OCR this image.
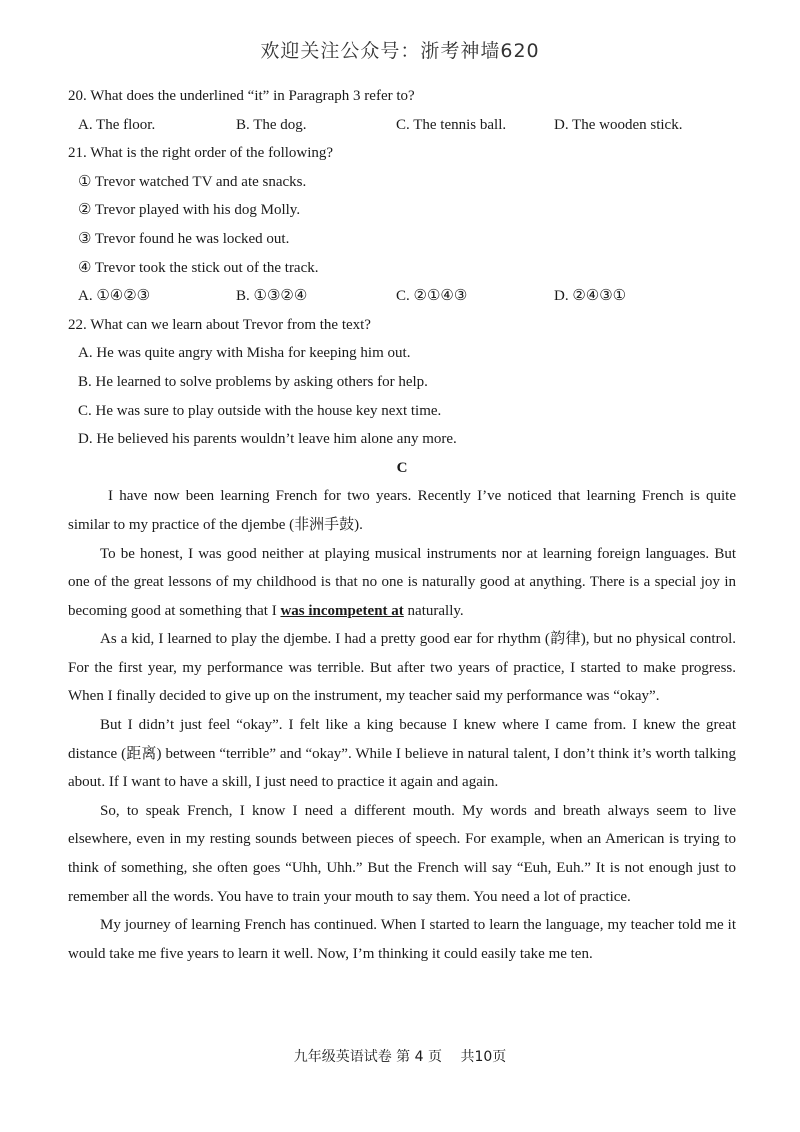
欢迎关注公众号：浙考神墙620

20. What does the underlined “it” in Paragraph 3 refer to?

A. The floor.	B. The dog.	C. The tennis ball.	D. The wooden stick.

21. What is the right order of the following?

① Trevor watched TV and ate snacks.

② Trevor played with his dog Molly.

③ Trevor found he was locked out.

④ Trevor took the stick out of the track.

A. ①④②③	B. ①③②④	C. ②①④③	D. ②④③①

22. What can we learn about Trevor from the text?

A. He was quite angry with Misha for keeping him out.

B. He learned to solve problems by asking others for help.

C. He was sure to play outside with the house key next time.

D. He believed his parents wouldn’t leave him alone any more.

C

I have now been learning French for two years. Recently I’ve noticed that learning French is quite similar to my practice of the djembe (非洲手鼓).

To be honest, I was good neither at playing musical instruments nor at learning foreign languages. But one of the great lessons of my childhood is that no one is naturally good at anything. There is a special joy in becoming good at something that I was incompetent at naturally.

As a kid, I learned to play the djembe. I had a pretty good ear for rhythm (韵律), but no physical control. For the first year, my performance was terrible. But after two years of practice, I started to make progress. When I finally decided to give up on the instrument, my teacher said my performance was “okay”.

But I didn’t just feel “okay”. I felt like a king because I knew where I came from. I knew the great distance (距离) between “terrible” and “okay”. While I believe in natural talent, I don’t think it’s worth talking about. If I want to have a skill, I just need to practice it again and again.

So, to speak French, I know I need a different mouth. My words and breath always seem to live elsewhere, even in my resting sounds between pieces of speech. For example, when an American is trying to think of something, she often goes “Uhh, Uhh.” But the French will say “Euh, Euh.” It is not enough just to remember all the words. You have to train your mouth to say them. You need a lot of practice.

My journey of learning French has continued. When I started to learn the language, my teacher told me it would take me five years to learn it well. Now, I’m thinking it could easily take me ten.

九年级英语试卷 第 4 页　 共10页
